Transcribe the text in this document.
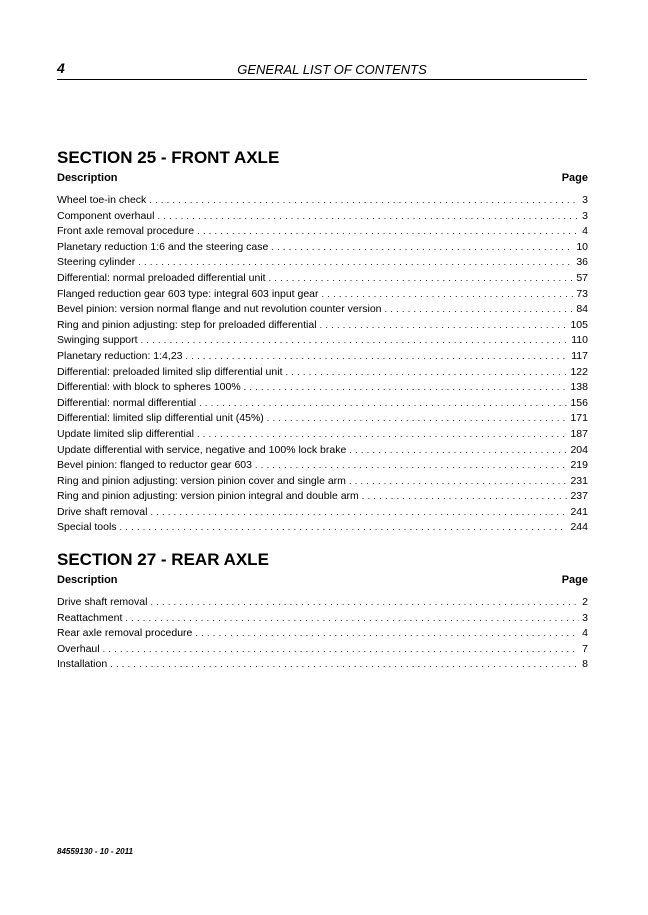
4	GENERAL LIST OF CONTENTS
SECTION 25 - FRONT AXLE
Description	Page
Wheel toe-in check . . .	3
Component overhaul . . .	3
Front axle removal procedure . . .	4
Planetary reduction 1:6 and the steering case . . .	10
Steering cylinder . . .	36
Differential: normal preloaded differential unit . . .	57
Flanged reduction gear 603 type: integral 603 input gear . . .	73
Bevel pinion: version normal flange and nut revolution counter version . . .	84
Ring and pinion adjusting: step for preloaded differential . . .	105
Swinging support . . .	110
Planetary reduction: 1:4,23 . . .	117
Differential: preloaded limited slip differential unit . . .	122
Differential: with block to spheres 100% . . .	138
Differential: normal differential . . .	156
Differential: limited slip differential unit (45%) . . .	171
Update limited slip differential . . .	187
Update differential with service, negative and 100% lock brake . . .	204
Bevel pinion: flanged to reductor gear 603 . . .	219
Ring and pinion adjusting: version pinion cover and single arm . . .	231
Ring and pinion adjusting: version pinion integral and double arm . . .	237
Drive shaft removal . . .	241
Special tools . . .	244
SECTION 27 - REAR AXLE
Description	Page
Drive shaft removal . . .	2
Reattachment . . .	3
Rear axle removal procedure . . .	4
Overhaul . . .	7
Installation . . .	8
84559130 - 10 - 2011
